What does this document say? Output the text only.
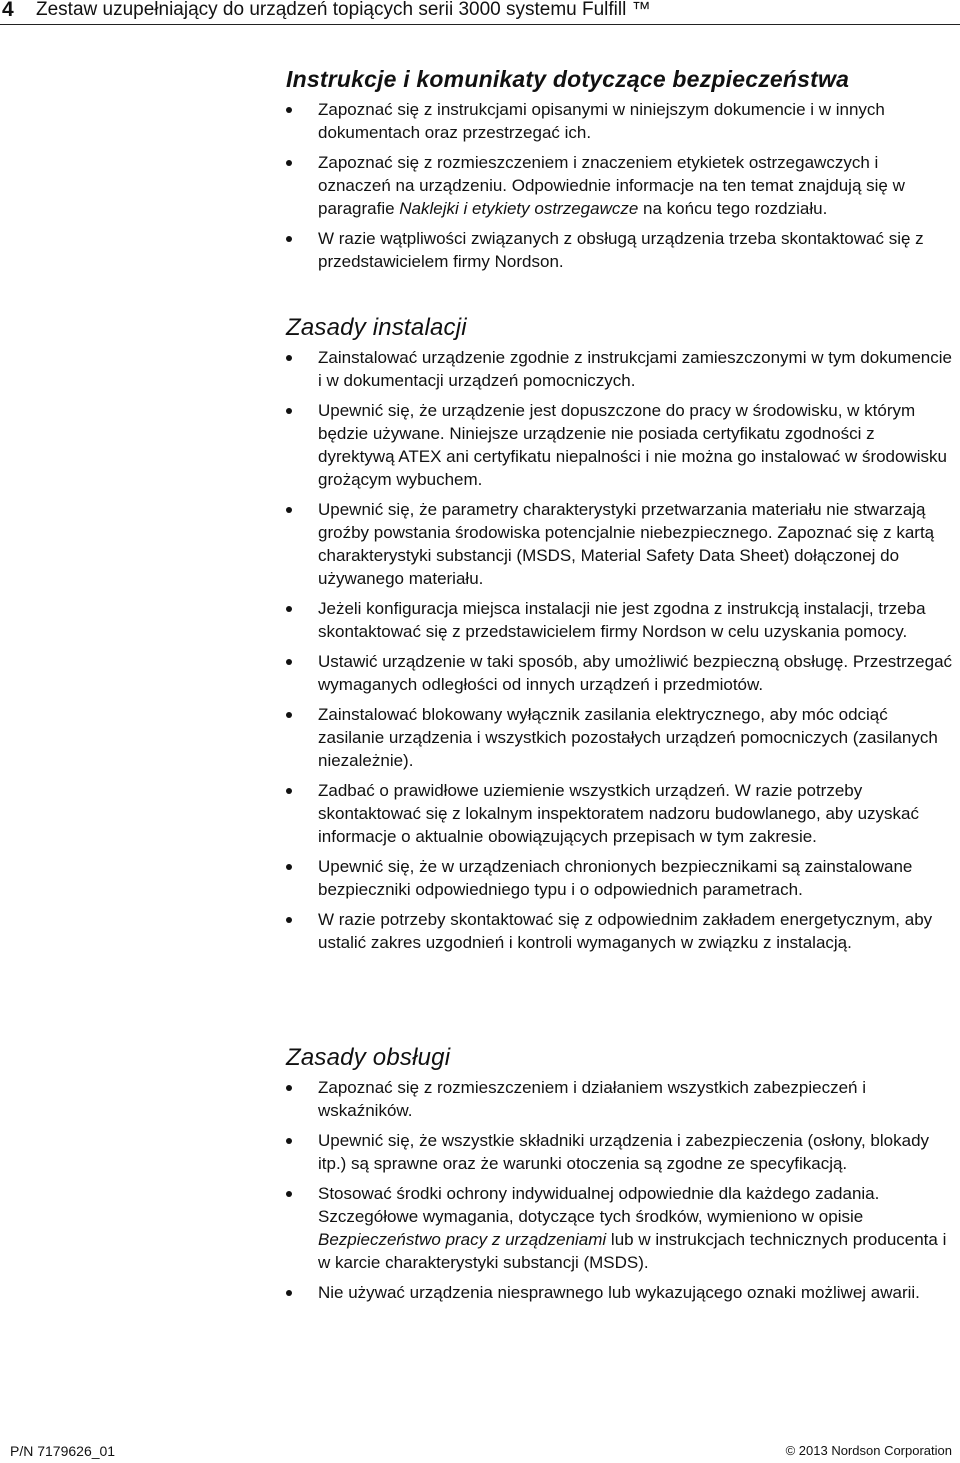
4 Zestaw uzupełniający do urządzeń topiących serii 3000 systemu Fulfill ™
Instrukcje i komunikaty dotyczące bezpieczeństwa
Zapoznać się z instrukcjami opisanymi w niniejszym dokumencie i w innych dokumentach oraz przestrzegać ich.
Zapoznać się z rozmieszczeniem i znaczeniem etykietek ostrzegawczych i oznaczeń na urządzeniu. Odpowiednie informacje na ten temat znajdują się w paragrafie Naklejki i etykiety ostrzegawcze na końcu tego rozdziału.
W razie wątpliwości związanych z obsługą urządzenia trzeba skontaktować się z przedstawicielem firmy Nordson.
Zasady instalacji
Zainstalować urządzenie zgodnie z instrukcjami zamieszczonymi w tym dokumencie i w dokumentacji urządzeń pomocniczych.
Upewnić się, że urządzenie jest dopuszczone do pracy w środowisku, w którym będzie używane. Niniejsze urządzenie nie posiada certyfikatu zgodności z dyrektywą ATEX ani certyfikatu niepalności i nie można go instalować w środowisku grożącym wybuchem.
Upewnić się, że parametry charakterystyki przetwarzania materiału nie stwarzają groźby powstania środowiska potencjalnie niebezpiecznego. Zapoznać się z kartą charakterystyki substancji (MSDS, Material Safety Data Sheet) dołączonej do używanego materiału.
Jeżeli konfiguracja miejsca instalacji nie jest zgodna z instrukcją instalacji, trzeba skontaktować się z przedstawicielem firmy Nordson w celu uzyskania pomocy.
Ustawić urządzenie w taki sposób, aby umożliwić bezpieczną obsługę. Przestrzegać wymaganych odległości od innych urządzeń i przedmiotów.
Zainstalować blokowany wyłącznik zasilania elektrycznego, aby móc odciąć zasilanie urządzenia i wszystkich pozostałych urządzeń pomocniczych (zasilanych niezależnie).
Zadbać o prawidłowe uziemienie wszystkich urządzeń. W razie potrzeby skontaktować się z lokalnym inspektoratem nadzoru budowlanego, aby uzyskać informacje o aktualnie obowiązujących przepisach w tym zakresie.
Upewnić się, że w urządzeniach chronionych bezpiecznikami są zainstalowane bezpieczniki odpowiedniego typu i o odpowiednich parametrach.
W razie potrzeby skontaktować się z odpowiednim zakładem energetycznym, aby ustalić zakres uzgodnień i kontroli wymaganych w związku z instalacją.
Zasady obsługi
Zapoznać się z rozmieszczeniem i działaniem wszystkich zabezpieczeń i wskaźników.
Upewnić się, że wszystkie składniki urządzenia i zabezpieczenia (osłony, blokady itp.) są sprawne oraz że warunki otoczenia są zgodne ze specyfikacją.
Stosować środki ochrony indywidualnej odpowiednie dla każdego zadania. Szczegółowe wymagania, dotyczące tych środków, wymieniono w opisie Bezpieczeństwo pracy z urządzeniami lub w instrukcjach technicznych producenta i w karcie charakterystyki substancji (MSDS).
Nie używać urządzenia niesprawnego lub wykazującego oznaki możliwej awarii.
P/N 7179626_01	© 2013 Nordson Corporation
